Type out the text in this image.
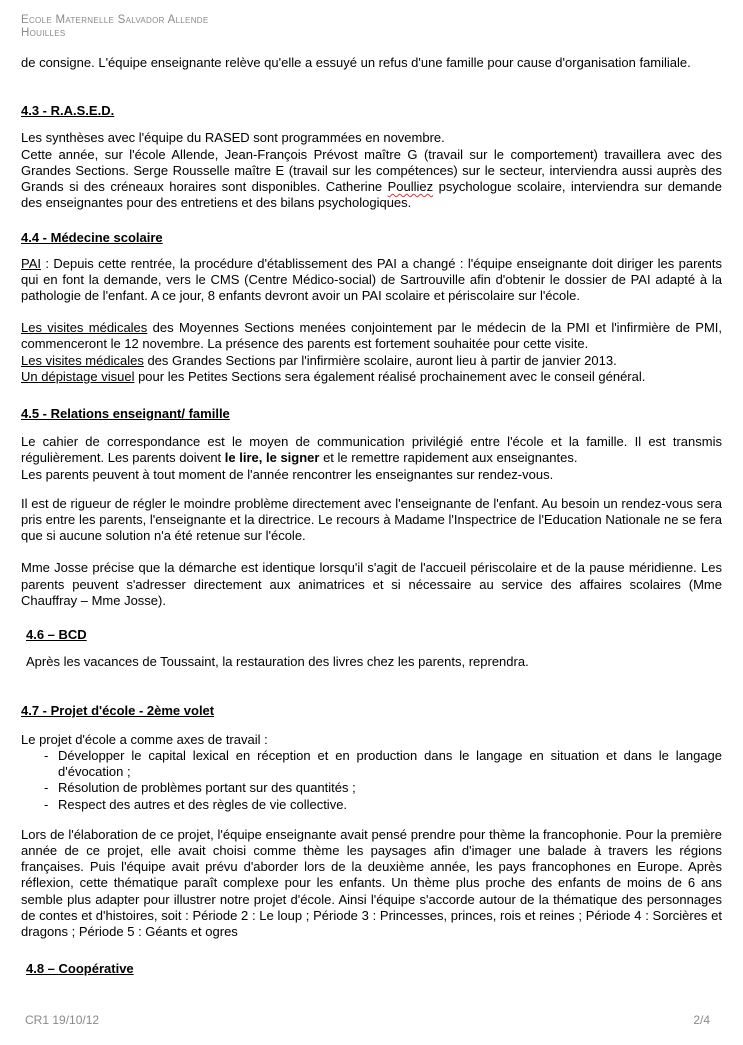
Ecole Maternelle Salvador Allende
Houilles

de consigne. L'équipe enseignante relève qu'elle a essuyé un refus d'une famille pour cause d'organisation familiale.

4.3 - R.A.S.E.D.

Les synthèses avec l'équipe du RASED sont programmées en novembre.

Cette année, sur l'école Allende, Jean-François Prévost maître G (travail sur le comportement) travaillera avec des Grandes Sections. Serge Rousselle maître E (travail sur les compétences) sur le secteur, interviendra aussi auprès des Grands si des créneaux horaires sont disponibles. Catherine Poulliez psychologue scolaire, interviendra sur demande des enseignantes pour des entretiens et des bilans psychologiques.

4.4 - Médecine scolaire

PAI : Depuis cette rentrée, la procédure d'établissement des PAI a changé : l'équipe enseignante doit diriger les parents qui en font la demande, vers le CMS (Centre Médico-social) de Sartrouville afin d'obtenir le dossier de PAI adapté à la pathologie de l'enfant. A ce jour, 8 enfants devront avoir un PAI scolaire et périscolaire sur l'école.

Les visites médicales des Moyennes Sections menées conjointement par le médecin de la PMI et l'infirmière de PMI, commenceront le 12 novembre. La présence des parents est fortement souhaitée pour cette visite.

Les visites médicales des Grandes Sections par l'infirmière scolaire, auront lieu à partir de janvier 2013.

Un dépistage visuel pour les Petites Sections sera également réalisé prochainement avec le conseil général.

4.5 - Relations enseignant/ famille

Le cahier de correspondance est le moyen de communication privilégié entre l'école et la famille. Il est transmis régulièrement. Les parents doivent le lire, le signer et le remettre rapidement aux enseignantes.

Les parents peuvent à tout moment de l'année rencontrer les enseignantes sur rendez-vous.

Il est de rigueur de régler le moindre problème directement avec l'enseignante de l'enfant. Au besoin un rendez-vous sera pris entre les parents, l'enseignante et la directrice. Le recours à Madame l'Inspectrice de l'Education Nationale ne se fera que si aucune solution n'a été retenue sur l'école.

Mme Josse précise que la démarche est identique lorsqu'il s'agit de l'accueil périscolaire et de la pause méridienne. Les parents peuvent s'adresser directement aux animatrices et si nécessaire au service des affaires scolaires (Mme Chauffray – Mme Josse).

4.6 – BCD

Après les vacances de Toussaint, la restauration des livres chez les parents, reprendra.

4.7 - Projet d'école - 2ème volet

Le projet d'école a comme axes de travail :

- Développer le capital lexical en réception et en production dans le langage en situation et dans le langage d'évocation ;
- Résolution de problèmes portant sur des quantités ;
- Respect des autres et des règles de vie collective.

Lors de l'élaboration de ce projet, l'équipe enseignante avait pensé prendre pour thème la francophonie. Pour la première année de ce projet, elle avait choisi comme thème les paysages afin d'imager une balade à travers les régions françaises. Puis l'équipe avait prévu d'aborder lors de la deuxième année, les pays francophones en Europe. Après réflexion, cette thématique paraît complexe pour les enfants. Un thème plus proche des enfants de moins de 6 ans semble plus adapter pour illustrer notre projet d'école. Ainsi l'équipe s'accorde autour de la thématique des personnages de contes et d'histoires, soit : Période 2 : Le loup ; Période 3 : Princesses, princes, rois et reines ; Période 4 : Sorcières et dragons ; Période 5 : Géants et ogres

4.8 – Coopérative
CR1 19/10/12	2/4
